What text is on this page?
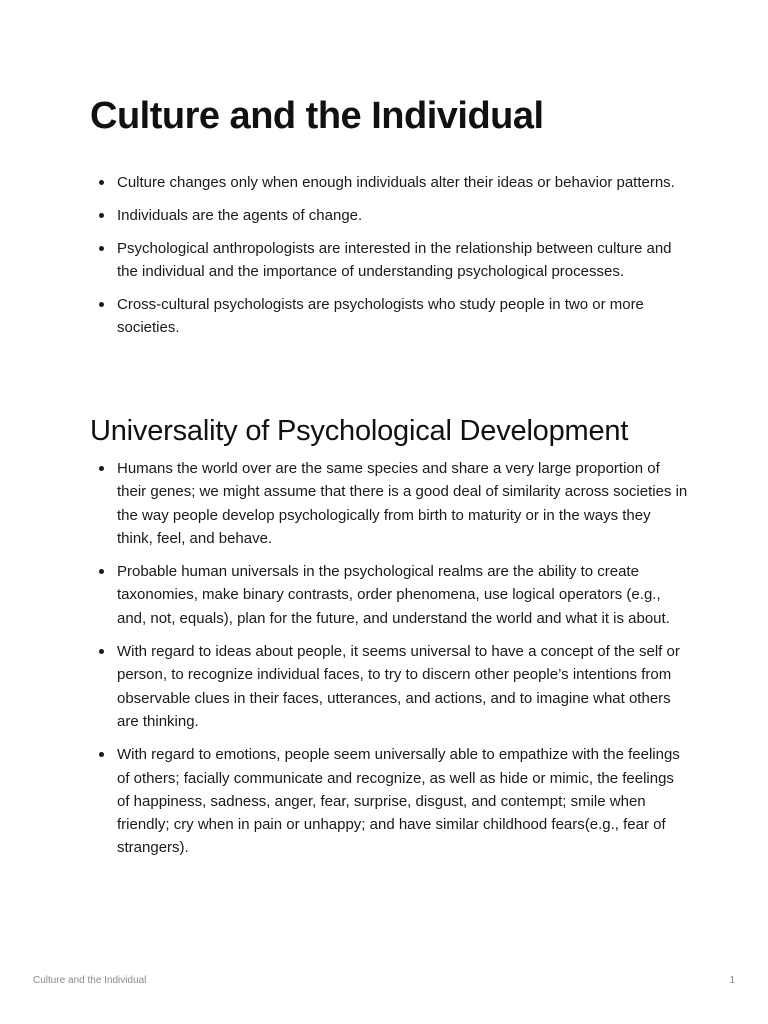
Culture and the Individual
Culture changes only when enough individuals alter their ideas or behavior patterns.
Individuals are the agents of change.
Psychological anthropologists are interested in the relationship between culture and the individual and the importance of understanding psychological processes.
Cross-cultural psychologists are psychologists who study people in two or more societies.
Universality of Psychological Development
Humans the world over are the same species and share a very large proportion of their genes; we might assume that there is a good deal of similarity across societies in the way people develop psychologically from birth to maturity or in the ways they think, feel, and behave.
Probable human universals in the psychological realms are the ability to create taxonomies, make binary contrasts, order phenomena, use logical operators (e.g., and, not, equals), plan for the future, and understand the world and what it is about.
With regard to ideas about people, it seems universal to have a concept of the self or person, to recognize individual faces, to try to discern other people’s intentions from observable clues in their faces, utterances, and actions, and to imagine what others are thinking.
With regard to emotions, people seem universally able to empathize with the feelings of others; facially communicate and recognize, as well as hide or mimic, the feelings of happiness, sadness, anger, fear, surprise, disgust, and contempt; smile when friendly; cry when in pain or unhappy; and have similar childhood fears(e.g., fear of strangers).
Culture and the Individual	1
